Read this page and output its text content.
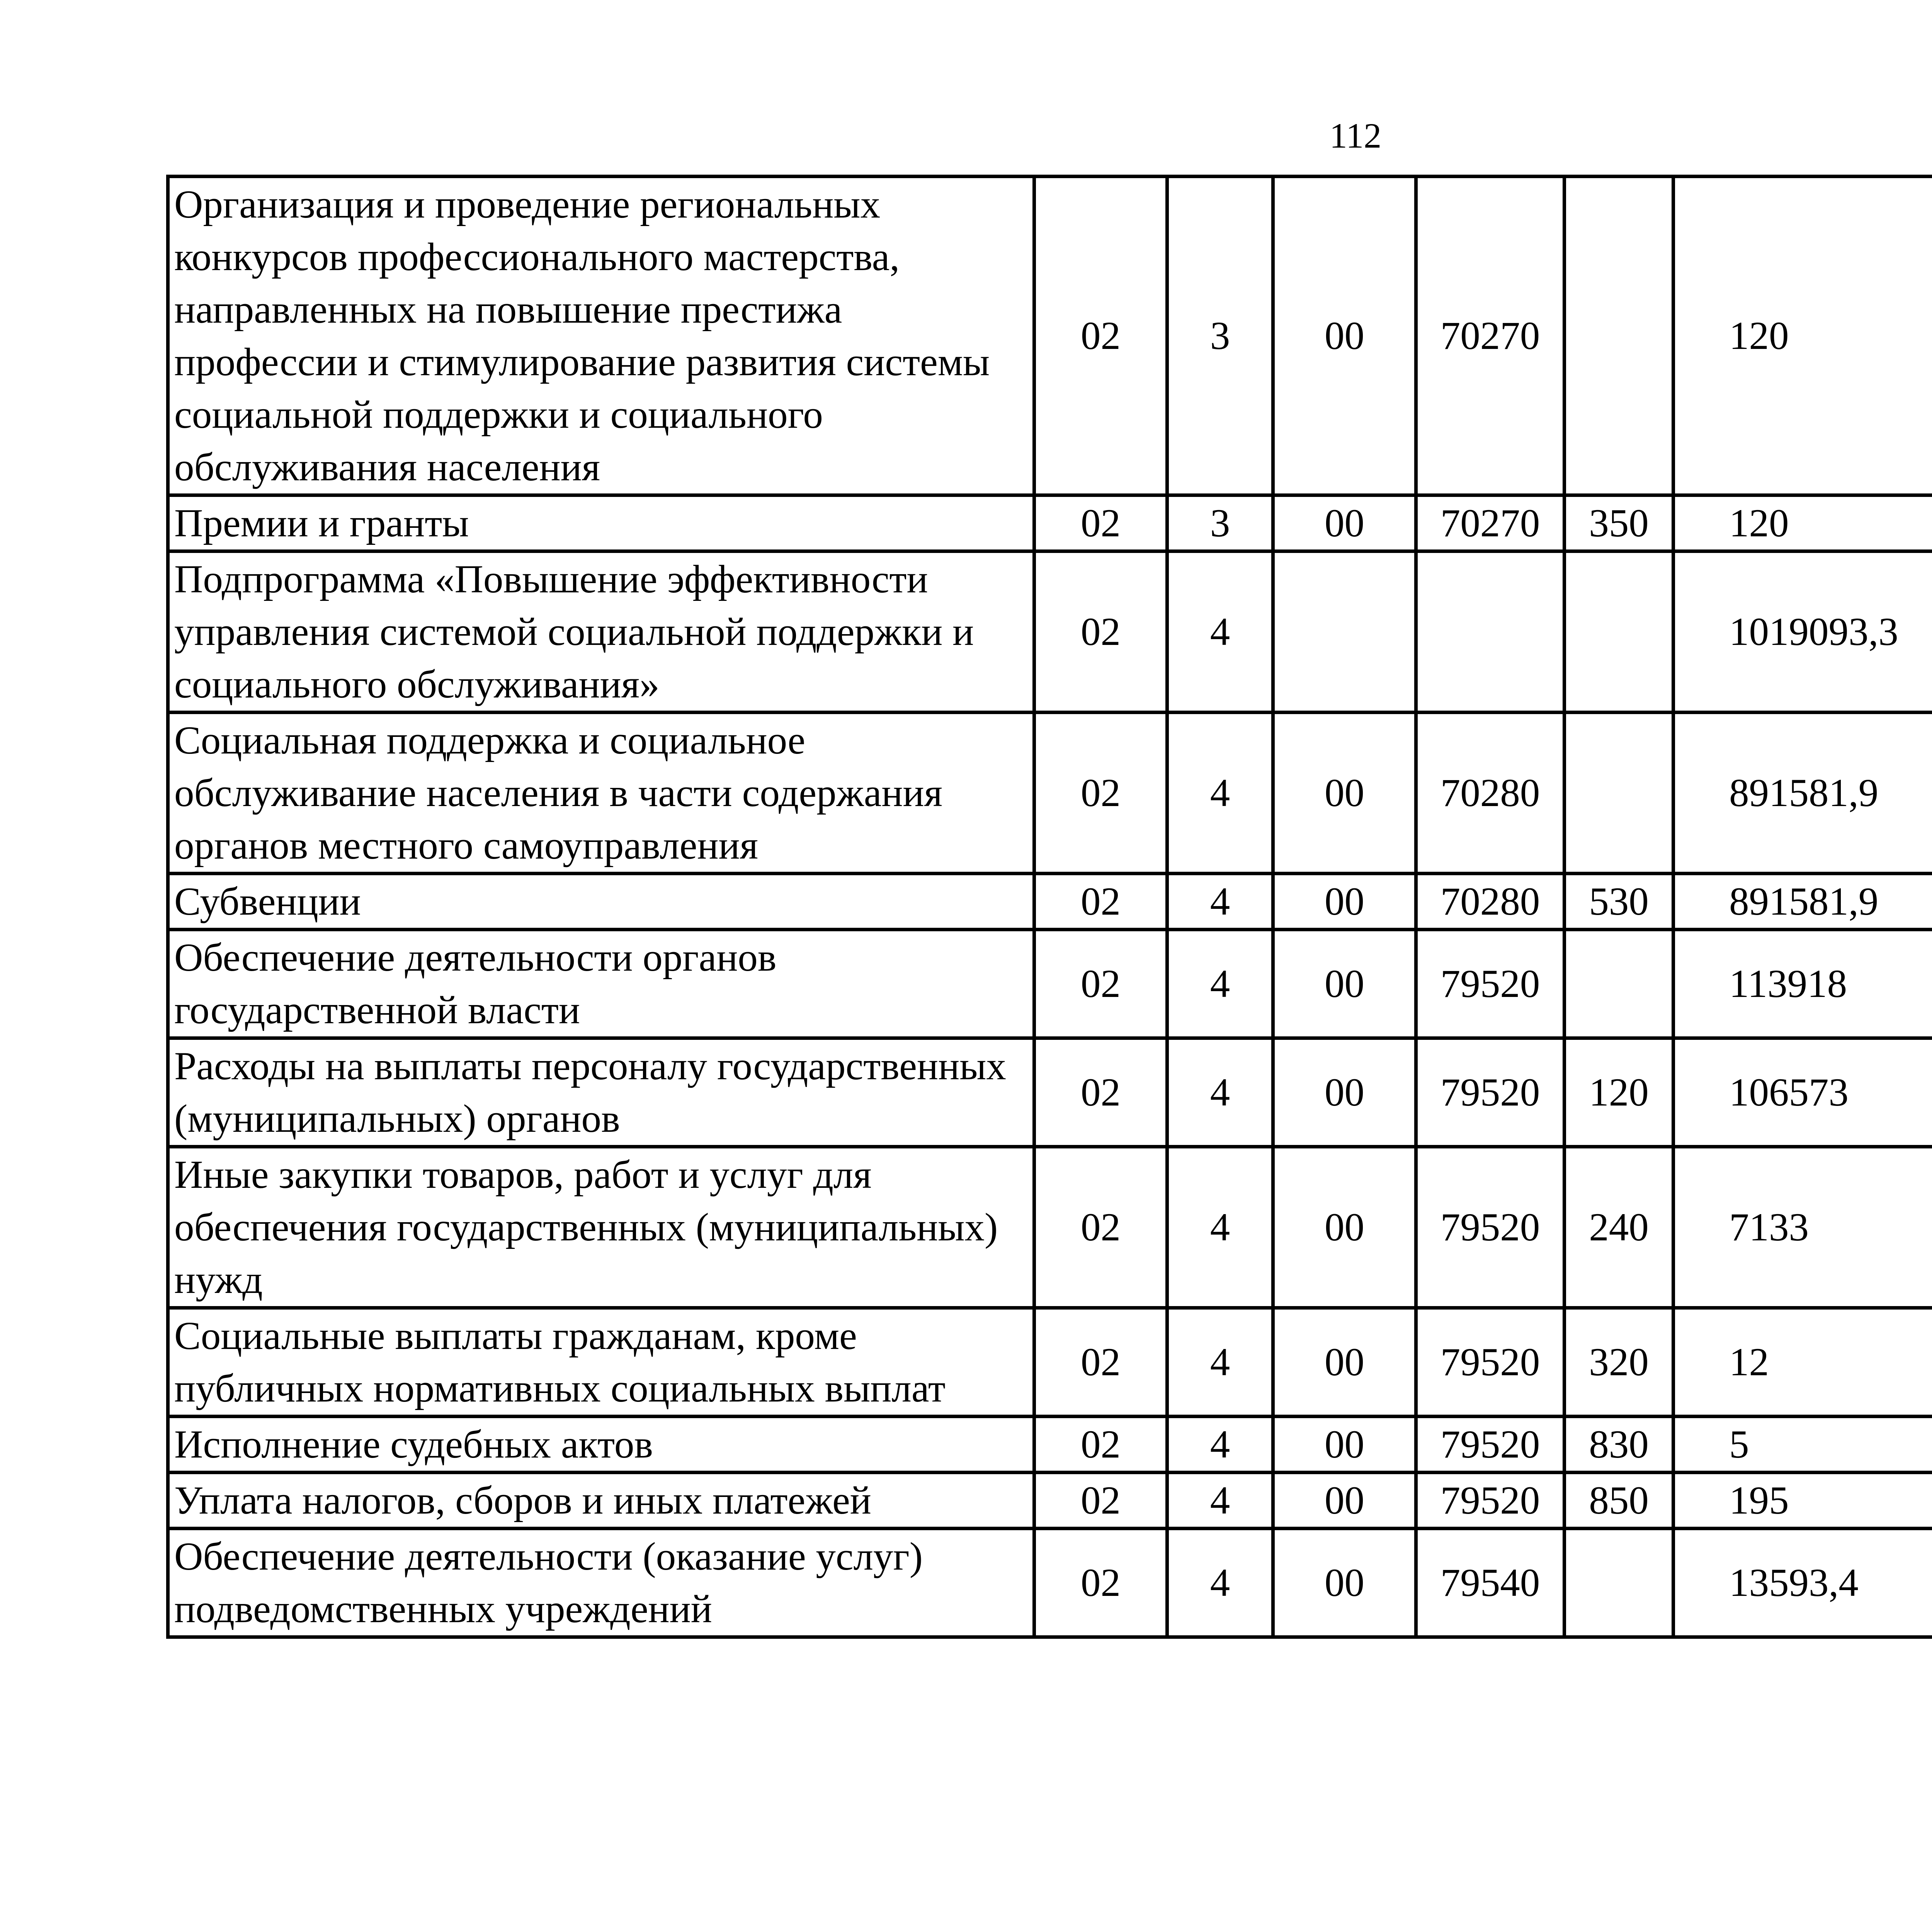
112
Организация и проведение региональных конкурсов профессионального мастерства, направленных на повышение престижа профессии и стимулирование развития системы социальной поддержки и социального обслуживания населения	02	3	00	70270		120		
Премии и гранты	02	3	00	70270	350	120		
Подпрограмма «Повышение эффективности управления системой социальной поддержки и социального обслуживания»	02	4				1019093,3		
Социальная поддержка и социальное обслуживание населения в части содержания органов местного самоуправления	02	4	00	70280		891581,9		
Субвенции	02	4	00	70280	530	891581,9		
Обеспечение деятельности органов государственной власти	02	4	00	79520		113918		
Расходы на выплаты персоналу государственных (муниципальных) органов	02	4	00	79520	120	106573		
Иные закупки товаров, работ и услуг для обеспечения государственных (муниципальных) нужд	02	4	00	79520	240	7133		
Социальные выплаты гражданам, кроме публичных нормативных социальных выплат	02	4	00	79520	320	12		
Исполнение судебных актов	02	4	00	79520	830	5		
Уплата налогов, сборов и иных платежей	02	4	00	79520	850	195		
Обеспечение деятельности (оказание услуг) подведомственных учреждений	02	4	00	79540		13593,4		
